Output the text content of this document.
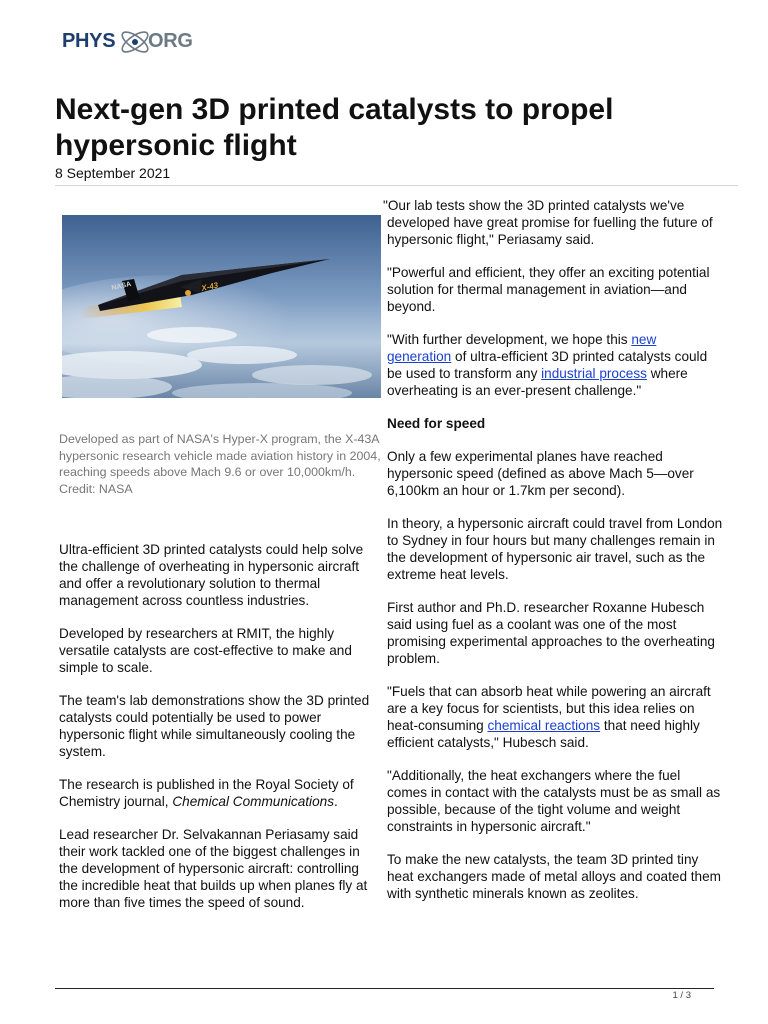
PHYS ORG
Next-gen 3D printed catalysts to propel hypersonic flight
8 September 2021
NASA	X-43
Developed as part of NASA's Hyper-X program, the X-43A hypersonic research vehicle made aviation history in 2004, reaching speeds above Mach 9.6 or over 10,000km/h. Credit: NASA

Ultra-efficient 3D printed catalysts could help solve the challenge of overheating in hypersonic aircraft and offer a revolutionary solution to thermal management across countless industries.

Developed by researchers at RMIT, the highly versatile catalysts are cost-effective to make and simple to scale.

The team's lab demonstrations show the 3D printed catalysts could potentially be used to power hypersonic flight while simultaneously cooling the system.

The research is published in the Royal Society of Chemistry journal, Chemical Communications.

Lead researcher Dr. Selvakannan Periasamy said their work tackled one of the biggest challenges in the development of hypersonic aircraft: controlling the incredible heat that builds up when planes fly at more than five times the speed of sound.

"Our lab tests show the 3D printed catalysts we've developed have great promise for fuelling the future of hypersonic flight," Periasamy said.

"Powerful and efficient, they offer an exciting potential solution for thermal management in aviation—and beyond.

"With further development, we hope this new generation of ultra-efficient 3D printed catalysts could be used to transform any industrial process where overheating is an ever-present challenge."

Need for speed

Only a few experimental planes have reached hypersonic speed (defined as above Mach 5—over 6,100km an hour or 1.7km per second).

In theory, a hypersonic aircraft could travel from London to Sydney in four hours but many challenges remain in the development of hypersonic air travel, such as the extreme heat levels.

First author and Ph.D. researcher Roxanne Hubesch said using fuel as a coolant was one of the most promising experimental approaches to the overheating problem.

"Fuels that can absorb heat while powering an aircraft are a key focus for scientists, but this idea relies on heat-consuming chemical reactions that need highly efficient catalysts," Hubesch said.

"Additionally, the heat exchangers where the fuel comes in contact with the catalysts must be as small as possible, because of the tight volume and weight constraints in hypersonic aircraft."

To make the new catalysts, the team 3D printed tiny heat exchangers made of metal alloys and coated them with synthetic minerals known as zeolites.

1 / 3
